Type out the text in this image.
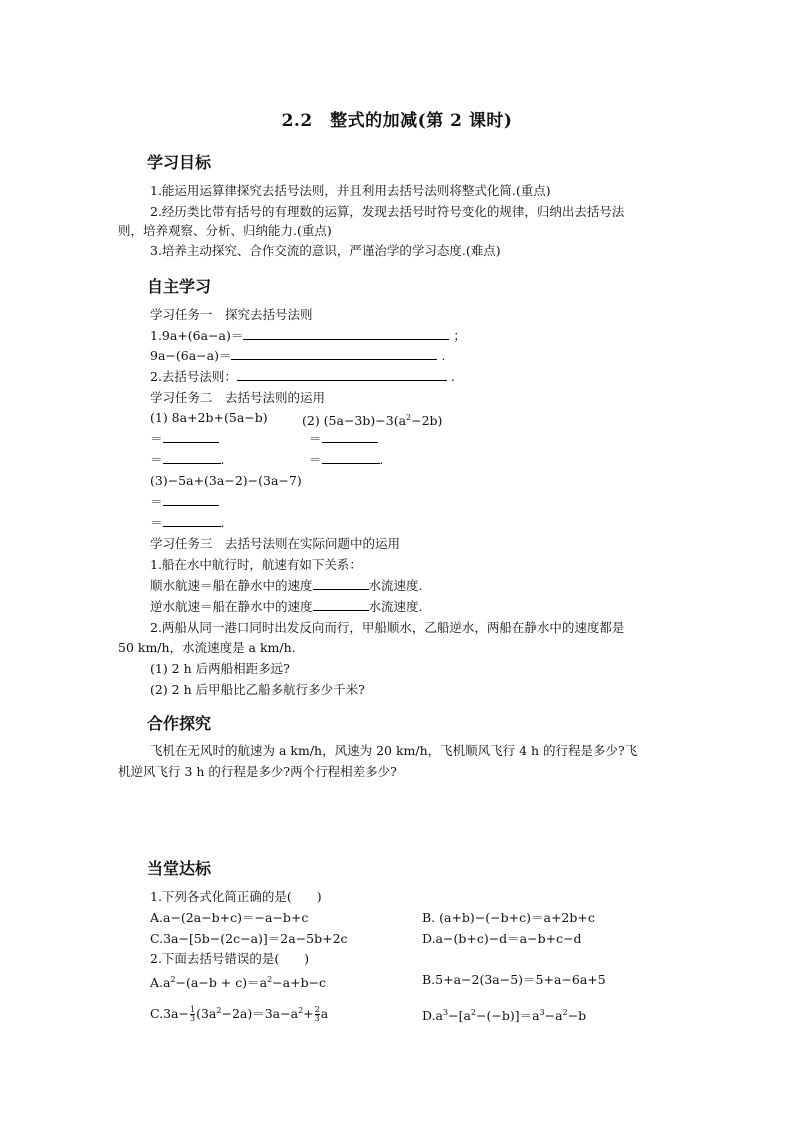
2.2　整式的加减(第 2 课时)
学习目标
1.能运用运算律探究去括号法则，并且利用去括号法则将整式化简.(重点)
2.经历类比带有括号的有理数的运算，发现去括号时符号变化的规律，归纳出去括号法
则，培养观察、分析、归纳能力.(重点)
3.培养主动探究、合作交流的意识，严谨治学的学习态度.(难点)
自主学习
学习任务一　探究去括号法则
1.9a+(6a−a)＝	；
9a−(6a−a)＝	.
2.去括号法则：	.
学习任务二　去括号法则的运用
(1) 8a+2b+(5a−b)	(2) $(5a-3b)-3(a^2-2b)$
＝	＝
＝	.	＝	.
(3)−5a+(3a−2)−(3a−7)
＝
＝	.
学习任务三　去括号法则在实际问题中的运用
1.船在水中航行时，航速有如下关系：
顺水航速＝船在静水中的速度	水流速度.
逆水航速＝船在静水中的速度	水流速度.
2.两船从同一港口同时出发反向而行，甲船顺水，乙船逆水，两船在静水中的速度都是
50 km/h，水流速度是 a km/h.
(1) 2 h 后两船相距多远?
(2) 2 h 后甲船比乙船多航行多少千米?
合作探究
飞机在无风时的航速为 a km/h，风速为 20 km/h，飞机顺风飞行 4 h 的行程是多少?飞
机逆风飞行 3 h 的行程是多少?两个行程相差多少?
当堂达标
1.下列各式化简正确的是(　　)
A.a−(2a−b+c)＝−a−b+c	B. (a+b)−(−b+c)＝a+2b+c
C.3a−[5b−(2c−a)]＝2a−5b+2c	D.a−(b+c)−d＝a−b+c−d
2.下面去括号错误的是(　　)
$A.a^2-(a-b + c)=a^2-a+b-c$	B.5+a−2(3a−5)＝5+a−6a+5
$C.3a- \frac{1}{3} (3a^2-2a)=3a-a^2+ \frac{2}{3}$ a	$D.a^3-[a^2-(-b)]=a^3-a^2-b$
